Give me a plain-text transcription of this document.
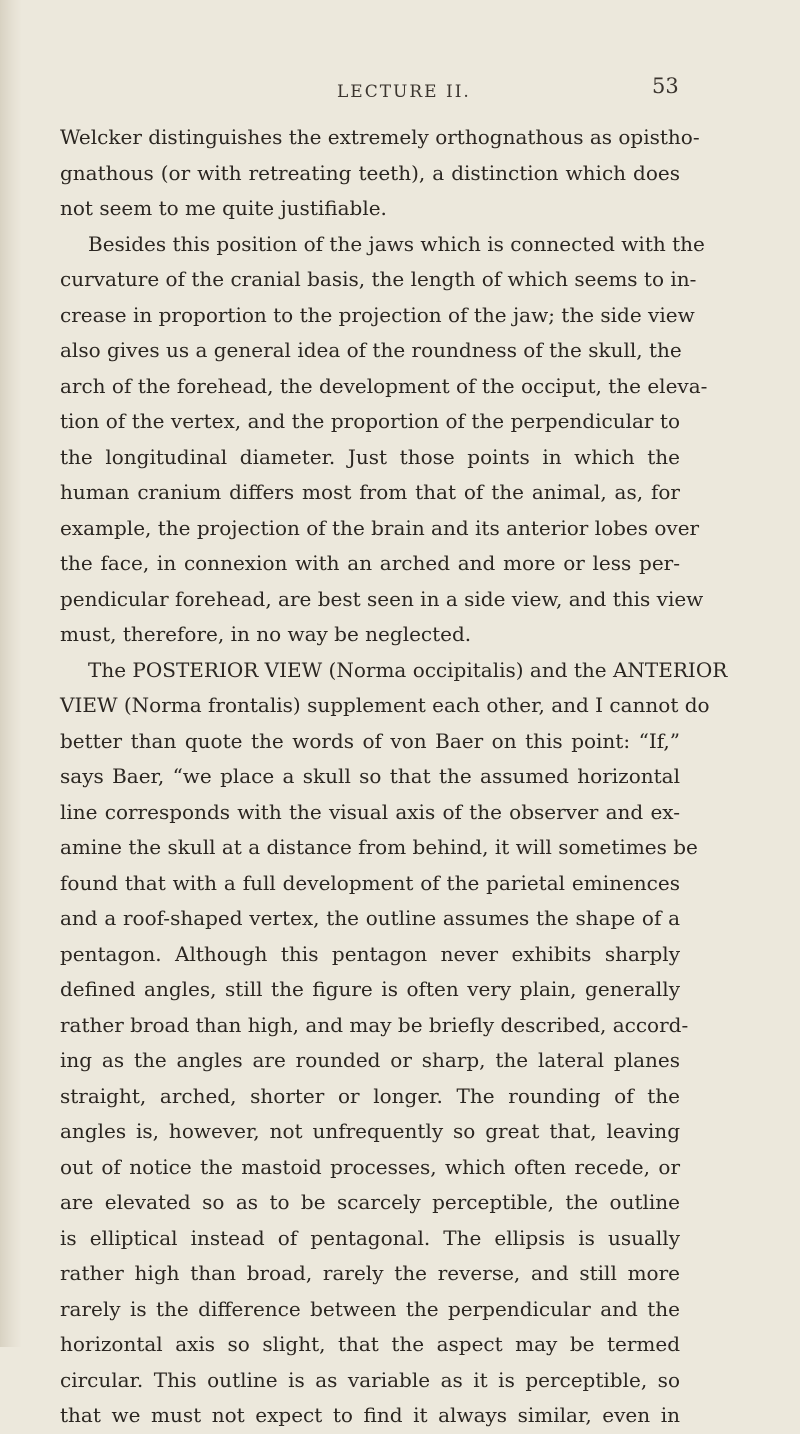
LECTURE II.	53
Welcker distinguishes the extremely orthognathous as opistho-
gnathous (or with retreating teeth), a distinction which does
not seem to me quite justifiable.
Besides this position of the jaws which is connected with the
curvature of the cranial basis, the length of which seems to in-
crease in proportion to the projection of the jaw; the side view
also gives us a general idea of the roundness of the skull, the
arch of the forehead, the development of the occiput, the eleva-
tion of the vertex, and the proportion of the perpendicular to
the longitudinal diameter. Just those points in which the
human cranium differs most from that of the animal, as, for
example, the projection of the brain and its anterior lobes over
the face, in connexion with an arched and more or less per-
pendicular forehead, are best seen in a side view, and this view
must, therefore, in no way be neglected.
The POSTERIOR VIEW (Norma occipitalis) and the ANTERIOR
VIEW (Norma frontalis) supplement each other, and I cannot do
better than quote the words of von Baer on this point: “If,”
says Baer, “we place a skull so that the assumed horizontal
line corresponds with the visual axis of the observer and ex-
amine the skull at a distance from behind, it will sometimes be
found that with a full development of the parietal eminences
and a roof-shaped vertex, the outline assumes the shape of a
pentagon. Although this pentagon never exhibits sharply
defined angles, still the figure is often very plain, generally
rather broad than high, and may be briefly described, accord-
ing as the angles are rounded or sharp, the lateral planes
straight, arched, shorter or longer. The rounding of the
angles is, however, not unfrequently so great that, leaving
out of notice the mastoid processes, which often recede, or
are elevated so as to be scarcely perceptible, the outline
is elliptical instead of pentagonal. The ellipsis is usually
rather high than broad, rarely the reverse, and still more
rarely is the difference between the perpendicular and the
horizontal axis so slight, that the aspect may be termed
circular. This outline is as variable as it is perceptible, so
that we must not expect to find it always similar, even in
